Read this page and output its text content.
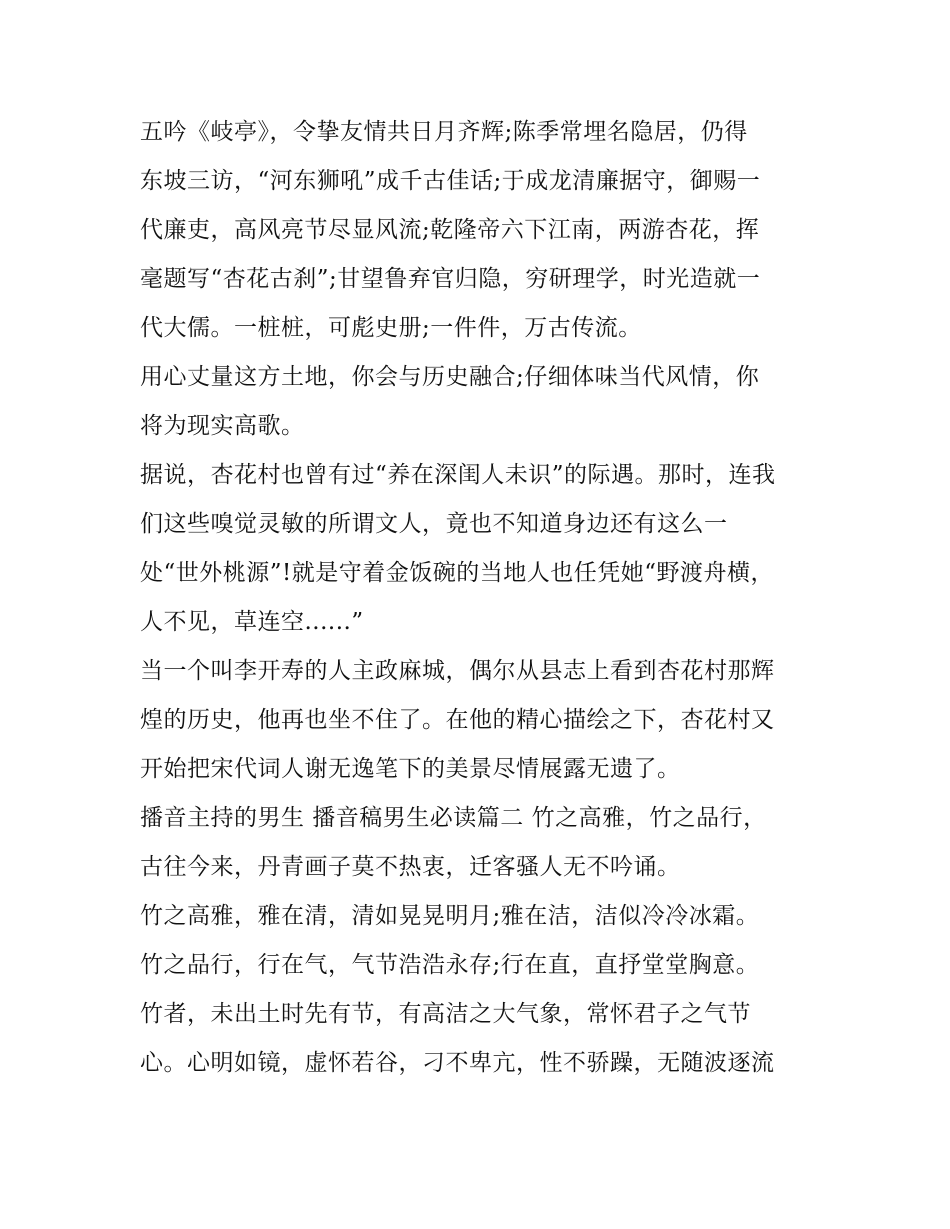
五吟《岐亭》，令挚友情共日月齐辉;陈季常埋名隐居，仍得
东坡三访，“河东狮吼”成千古佳话;于成龙清廉据守，御赐一
代廉吏，高风亮节尽显风流;乾隆帝六下江南，两游杏花，挥
毫题写“杏花古刹”;甘望鲁弃官归隐，穷研理学，时光造就一
代大儒。一桩桩，可彪史册;一件件，万古传流。
用心丈量这方土地，你会与历史融合;仔细体味当代风情，你
将为现实高歌。
据说，杏花村也曾有过“养在深闺人未识”的际遇。那时，连我
们这些嗅觉灵敏的所谓文人，竟也不知道身边还有这么一
处“世外桃源”!就是守着金饭碗的当地人也任凭她“野渡舟横，
人不见，草连空......”
当一个叫李开寿的人主政麻城，偶尔从县志上看到杏花村那辉
煌的历史，他再也坐不住了。在他的精心描绘之下，杏花村又
开始把宋代词人谢无逸笔下的美景尽情展露无遗了。
播音主持的男生 播音稿男生必读篇二 竹之高雅，竹之品行，
古往今来，丹青画子莫不热衷，迁客骚人无不吟诵。
竹之高雅，雅在清，清如晃晃明月;雅在洁，洁似冷冷冰霜。
竹之品行，行在气，气节浩浩永存;行在直，直抒堂堂胸意。
竹者，未出土时先有节，有高洁之大气象，常怀君子之气节
心。心明如镜，虚怀若谷，刁不卑亢，性不骄躁，无随波逐流
